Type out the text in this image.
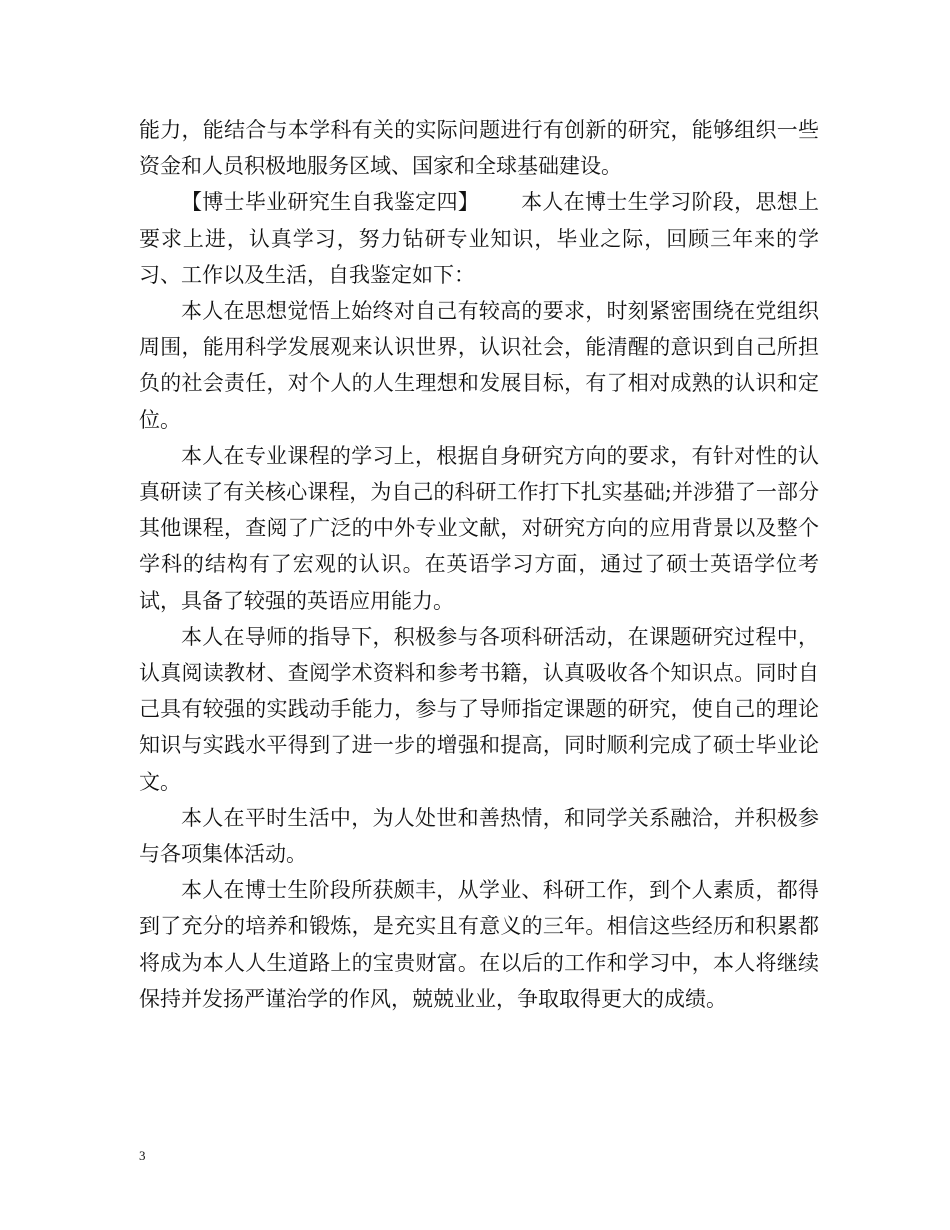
能力，能结合与本学科有关的实际问题进行有创新的研究，能够组织一些资金和人员积极地服务区域、国家和全球基础建设。

【博士毕业研究生自我鉴定四】 本人在博士生学习阶段，思想上要求上进，认真学习，努力钻研专业知识，毕业之际，回顾三年来的学习、工作以及生活，自我鉴定如下：

本人在思想觉悟上始终对自己有较高的要求，时刻紧密围绕在党组织周围，能用科学发展观来认识世界，认识社会，能清醒的意识到自己所担负的社会责任，对个人的人生理想和发展目标，有了相对成熟的认识和定位。

本人在专业课程的学习上，根据自身研究方向的要求，有针对性的认真研读了有关核心课程，为自己的科研工作打下扎实基础;并涉猎了一部分其他课程，查阅了广泛的中外专业文献，对研究方向的应用背景以及整个学科的结构有了宏观的认识。在英语学习方面，通过了硕士英语学位考试，具备了较强的英语应用能力。

本人在导师的指导下，积极参与各项科研活动，在课题研究过程中，认真阅读教材、查阅学术资料和参考书籍，认真吸收各个知识点。同时自己具有较强的实践动手能力，参与了导师指定课题的研究，使自己的理论知识与实践水平得到了进一步的增强和提高，同时顺利完成了硕士毕业论文。

本人在平时生活中，为人处世和善热情，和同学关系融洽，并积极参与各项集体活动。

本人在博士生阶段所获颇丰，从学业、科研工作，到个人素质，都得到了充分的培养和锻炼，是充实且有意义的三年。相信这些经历和积累都将成为本人人生道路上的宝贵财富。在以后的工作和学习中，本人将继续保持并发扬严谨治学的作风，兢兢业业，争取取得更大的成绩。

3
